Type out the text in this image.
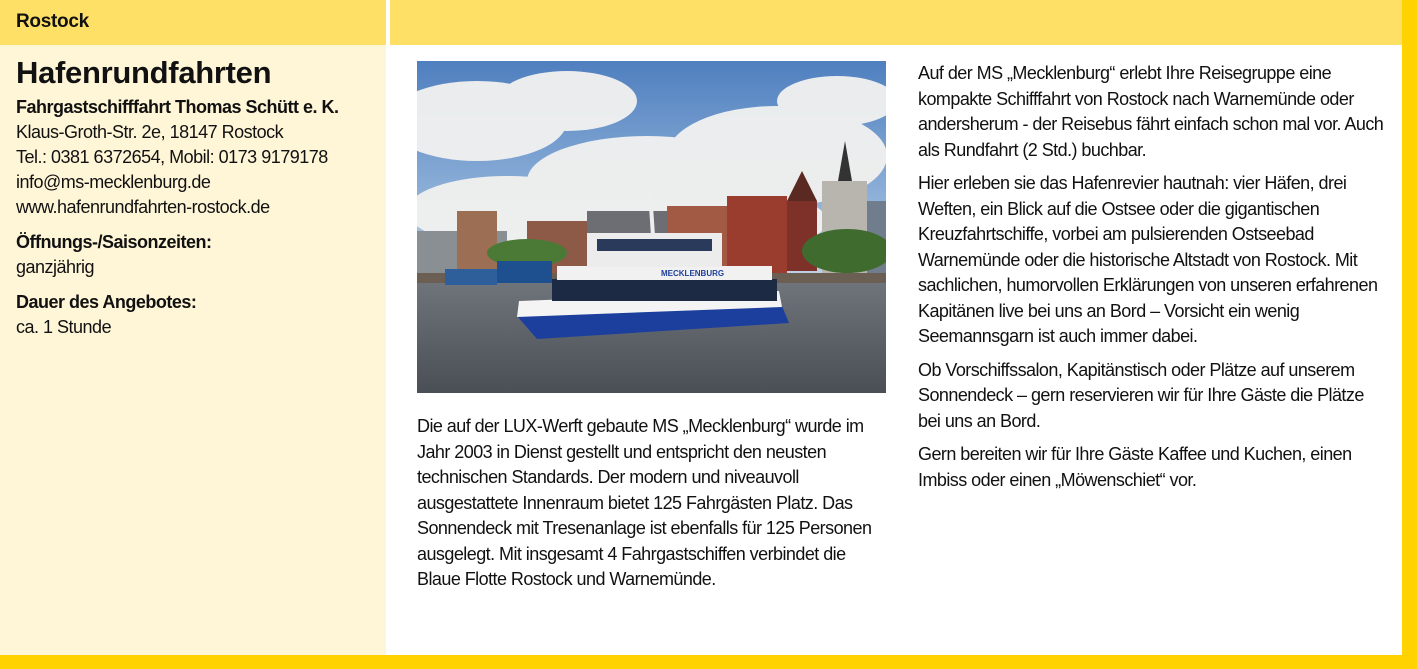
Rostock
Hafenrundfahrten
Fahrgastschifffahrt Thomas Schütt e. K.
Klaus-Groth-Str. 2e, 18147 Rostock
Tel.: 0381 6372654, Mobil: 0173 9179178
info@ms-mecklenburg.de
www.hafenrundfahrten-rostock.de
Öffnungs-/Saisonzeiten:
ganzjährig
Dauer des Angebotes:
ca. 1 Stunde
MECKLENBURG

Die auf der LUX-Werft gebaute MS „Mecklenburg“ wurde im Jahr 2003 in Dienst gestellt und entspricht den neusten technischen Standards. Der modern und niveauvoll ausgestattete Innenraum bietet 125 Fahrgästen Platz. Das Sonnendeck mit Tresenanlage ist ebenfalls für 125 Personen ausgelegt. Mit insgesamt 4 Fahrgastschiffen verbindet die Blaue Flotte Rostock und Warnemünde.

Auf der MS „Mecklenburg“ erlebt Ihre Reisegruppe eine kompakte Schifffahrt von Rostock nach Warnemünde oder andersherum - der Reisebus fährt einfach schon mal vor. Auch als Rundfahrt (2 Std.) buchbar.

Hier erleben sie das Hafenrevier hautnah: vier Häfen, drei Weften, ein Blick auf die Ostsee oder die gigantischen Kreuzfahrtschiffe, vorbei am pulsierenden Ostseebad Warnemünde oder die historische Altstadt von Rostock. Mit sachlichen, humorvollen Erklärungen von unseren erfahrenen Kapitänen live bei uns an Bord – Vorsicht ein wenig Seemannsgarn ist auch immer dabei.

Ob Vorschiffssalon, Kapitänstisch oder Plätze auf unserem Sonnendeck – gern reservieren wir für Ihre Gäste die Plätze bei uns an Bord.

Gern bereiten wir für Ihre Gäste Kaffee und Kuchen, einen Imbiss oder einen „Möwenschiet“ vor.
